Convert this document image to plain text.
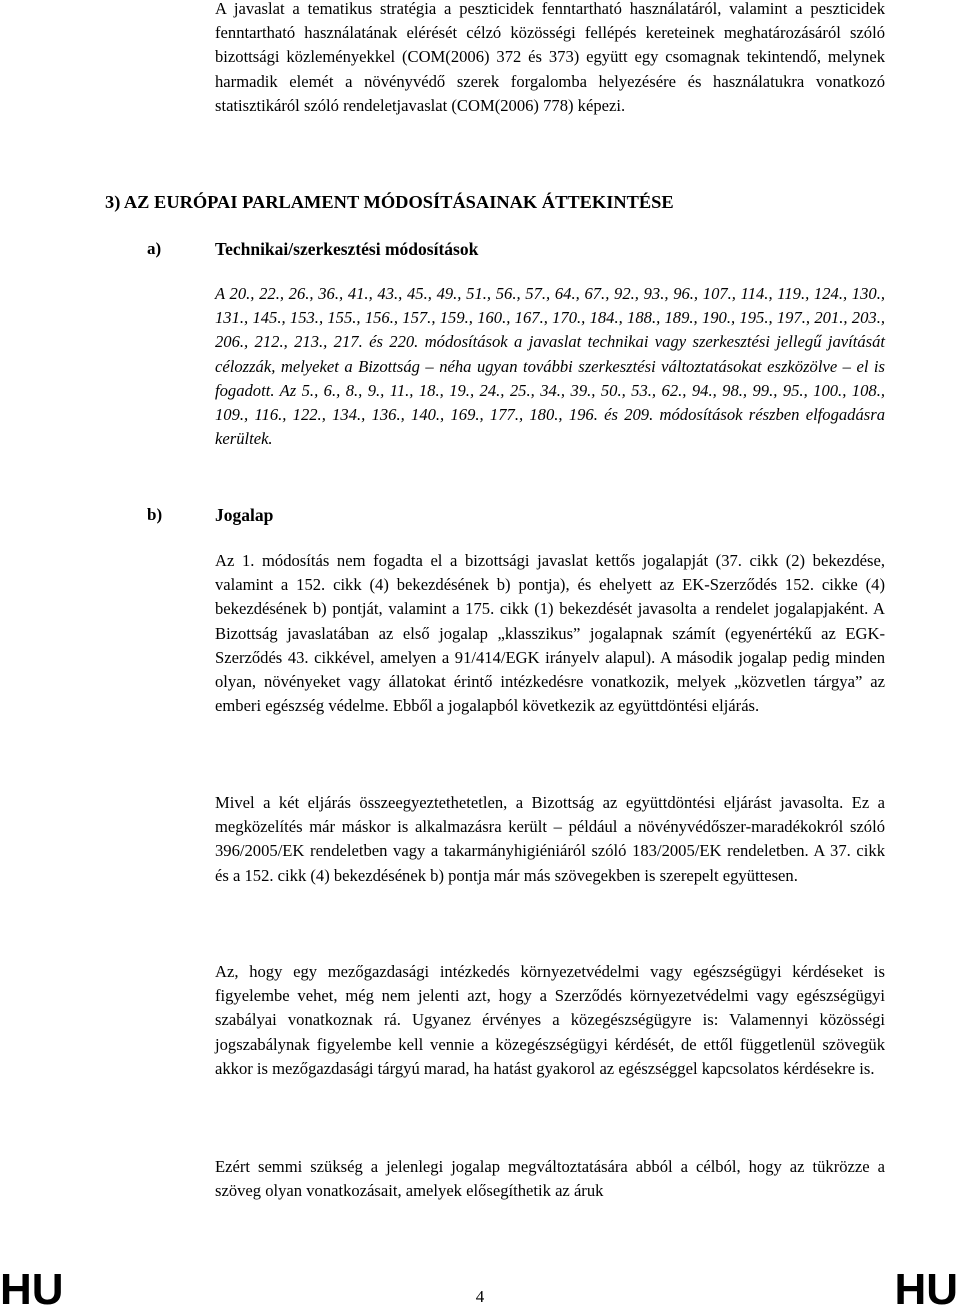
A javaslat a tematikus stratégia a peszticidek fenntartható használatáról, valamint a peszticidek fenntartható használatának elérését célzó közösségi fellépés kereteinek meghatározásáról szóló bizottsági közleményekkel (COM(2006) 372 és 373) együtt egy csomagnak tekintendő, melynek harmadik elemét a növényvédő szerek forgalomba helyezésére és használatukra vonatkozó statisztikáról szóló rendeletjavaslat (COM(2006) 778) képezi.
3) AZ EURÓPAI PARLAMENT MÓDOSÍTÁSAINAK ÁTTEKINTÉSE
a)	Technikai/szerkesztési módosítások
A 20., 22., 26., 36., 41., 43., 45., 49., 51., 56., 57., 64., 67., 92., 93., 96., 107., 114., 119., 124., 130., 131., 145., 153., 155., 156., 157., 159., 160., 167., 170., 184., 188., 189., 190., 195., 197., 201., 203., 206., 212., 213., 217. és 220. módosítások a javaslat technikai vagy szerkesztési jellegű javítását célozzák, melyeket a Bizottság – néha ugyan további szerkesztési változtatásokat eszközölve – el is fogadott. Az 5., 6., 8., 9., 11., 18., 19., 24., 25., 34., 39., 50., 53., 62., 94., 98., 99., 95., 100., 108., 109., 116., 122., 134., 136., 140., 169., 177., 180., 196. és 209. módosítások részben elfogadásra kerültek.
b)	Jogalap
Az 1. módosítás nem fogadta el a bizottsági javaslat kettős jogalapját (37. cikk (2) bekezdése, valamint a 152. cikk (4) bekezdésének b) pontja), és ehelyett az EK-Szerződés 152. cikke (4) bekezdésének b) pontját, valamint a 175. cikk (1) bekezdését javasolta a rendelet jogalapjaként. A Bizottság javaslatában az első jogalap „klasszikus” jogalapnak számít (egyenértékű az EGK-Szerződés 43. cikkével, amelyen a 91/414/EGK irányelv alapul). A második jogalap pedig minden olyan, növényeket vagy állatokat érintő intézkedésre vonatkozik, melyek „közvetlen tárgya” az emberi egészség védelme. Ebből a jogalapból következik az együttdöntési eljárás.
Mivel a két eljárás összeegyeztethetetlen, a Bizottság az együttdöntési eljárást javasolta. Ez a megközelítés már máskor is alkalmazásra került – például a növényvédőszer-maradékokról szóló 396/2005/EK rendeletben vagy a takarmányhigiéniáról szóló 183/2005/EK rendeletben. A 37. cikk és a 152. cikk (4) bekezdésének b) pontja már más szövegekben is szerepelt együttesen.
Az, hogy egy mezőgazdasági intézkedés környezetvédelmi vagy egészségügyi kérdéseket is figyelembe vehet, még nem jelenti azt, hogy a Szerződés környezetvédelmi vagy egészségügyi szabályai vonatkoznak rá. Ugyanez érvényes a közegészségügyre is: Valamennyi közösségi jogszabálynak figyelembe kell vennie a közegészségügyi kérdését, de ettől függetlenül szövegük akkor is mezőgazdasági tárgyú marad, ha hatást gyakorol az egészséggel kapcsolatos kérdésekre is.
Ezért semmi szükség a jelenlegi jogalap megváltoztatására abból a célból, hogy az tükrözze a szöveg olyan vonatkozásait, amelyek elősegíthetik az áruk
HU	4	HU
